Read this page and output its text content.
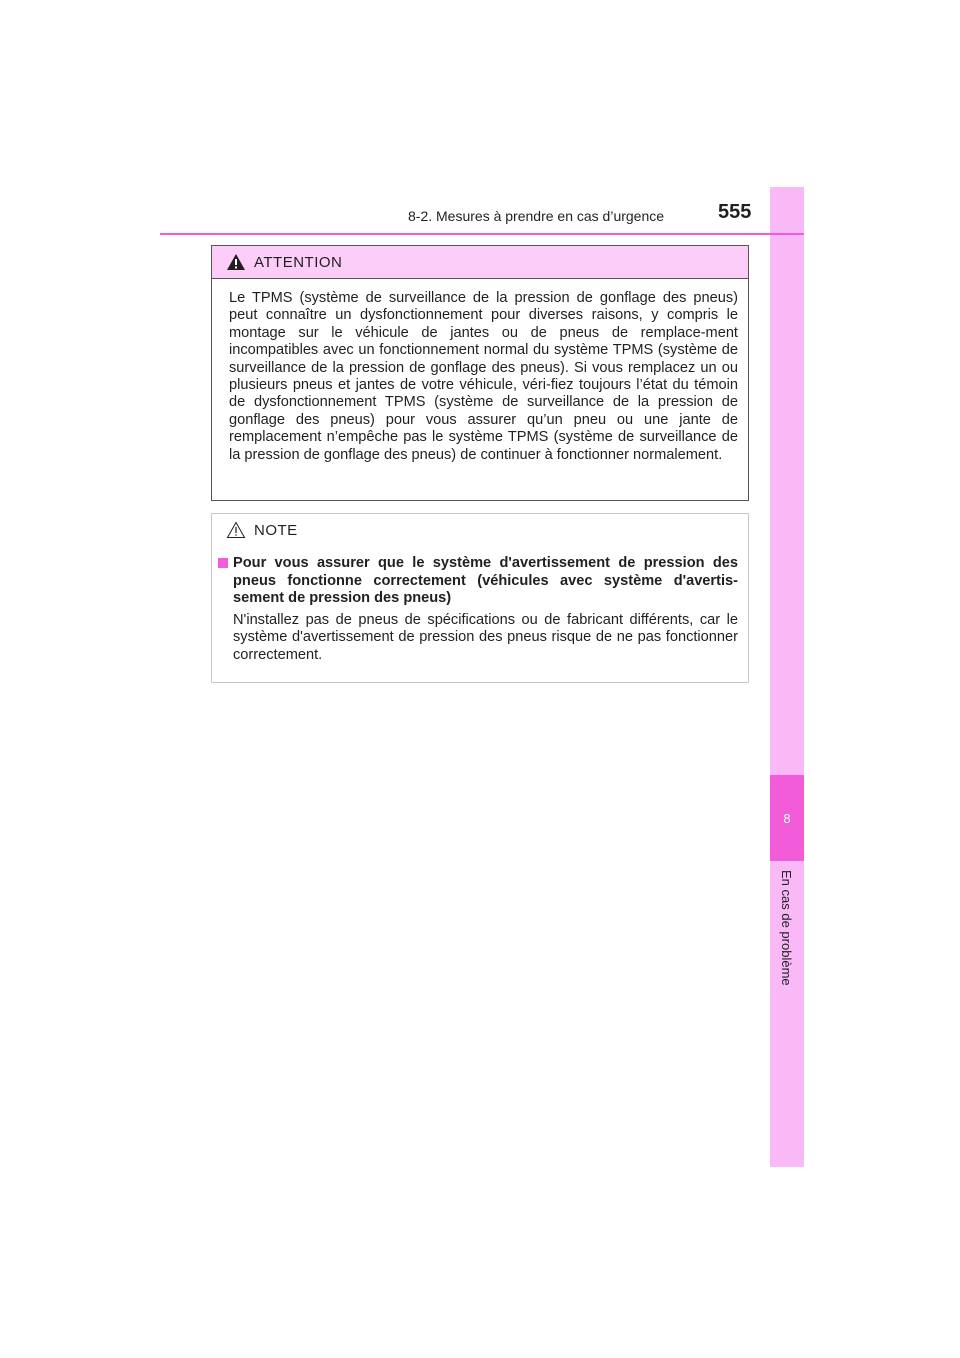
8
En cas de problème
8-2. Mesures à prendre en cas d’urgence	555
ATTENTION
Le TPMS (système de surveillance de la pression de gonflage des pneus) peut connaître un dysfonctionnement pour diverses raisons, y compris le montage sur le véhicule de jantes ou de pneus de remplace-ment incompatibles avec un fonctionnement normal du système TPMS (système de surveillance de la pression de gonflage des pneus). Si vous remplacez un ou plusieurs pneus et jantes de votre véhicule, véri-fiez toujours l’état du témoin de dysfonctionnement TPMS (système de surveillance de la pression de gonflage des pneus) pour vous assurer qu’un pneu ou une jante de remplacement n’empêche pas le système TPMS (système de surveillance de la pression de gonflage des pneus) de continuer à fonctionner normalement.
NOTE
Pour vous assurer que le système d'avertissement de pression des pneus fonctionne correctement (véhicules avec système d'avertis-sement de pression des pneus)
N'installez pas de pneus de spécifications ou de fabricant différents, car le système d'avertissement de pression des pneus risque de ne pas fonctionner correctement.
